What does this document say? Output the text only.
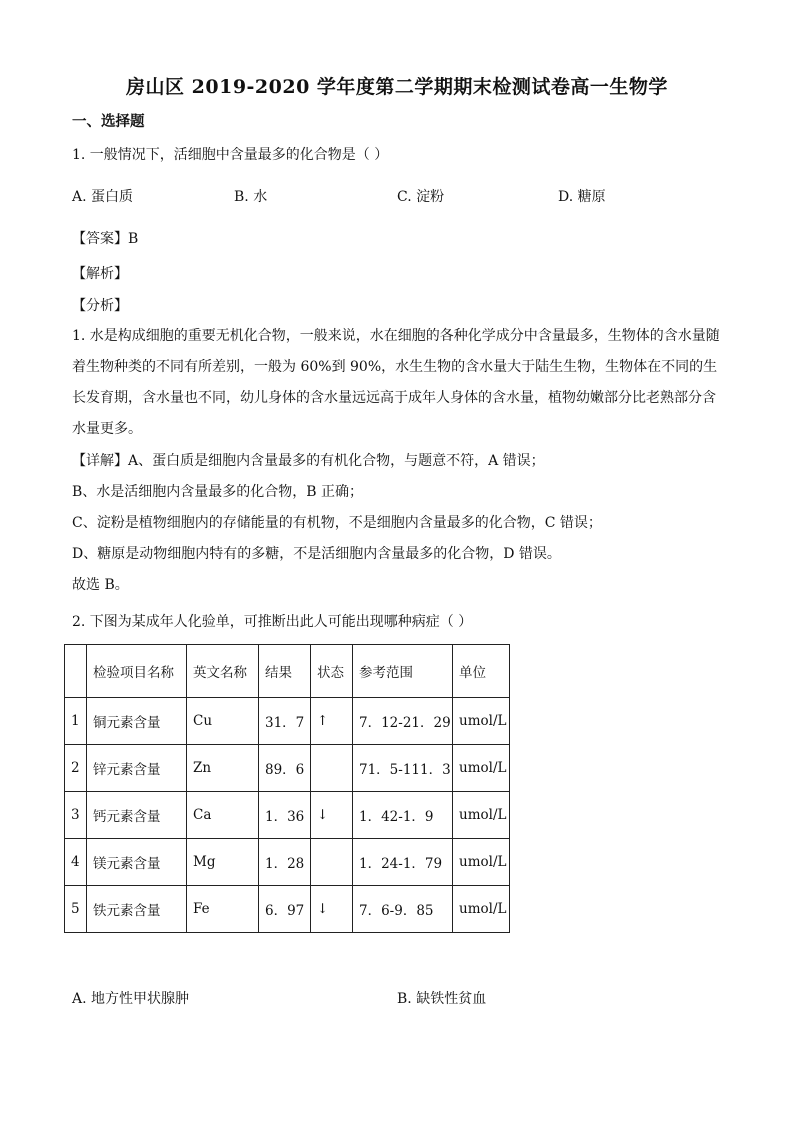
房山区 2019-2020 学年度第二学期期末检测试卷高一生物学
一、选择题
1. 一般情况下，活细胞中含量最多的化合物是（ ）
A. 蛋白质	B. 水	C. 淀粉	D. 糖原
【答案】B
【解析】
【分析】
1. 水是构成细胞的重要无机化合物，一般来说，水在细胞的各种化学成分中含量最多，生物体的含水量随着生物种类的不同有所差别，一般为 60%到 90%，水生生物的含水量大于陆生生物，生物体在不同的生长发育期，含水量也不同，幼儿身体的含水量远远高于成年人身体的含水量，植物幼嫩部分比老熟部分含水量更多。
【详解】A、蛋白质是细胞内含量最多的有机化合物，与题意不符，A 错误；
B、水是活细胞内含量最多的化合物，B 正确；
C、淀粉是植物细胞内的存储能量的有机物，不是细胞内含量最多的化合物，C 错误；
D、糖原是动物细胞内特有的多糖，不是活细胞内含量最多的化合物，D 错误。
故选 B。
2. 下图为某成年人化验单，可推断出此人可能出现哪种病症（ ）
	检验项目名称	英文名称	结果	状态	参考范围	单位
1	铜元素含量	Cu	31．7	↑	7．12-21．29	umol/L
2	锌元素含量	Zn	89．6		71．5-111．3	umol/L
3	钙元素含量	Ca	1．36	↓	1．42-1．9	umol/L
4	镁元素含量	Mg	1．28		1．24-1．79	umol/L
5	铁元素含量	Fe	6．97	↓	7．6-9．85	umol/L
A. 地方性甲状腺肿	B. 缺铁性贫血
